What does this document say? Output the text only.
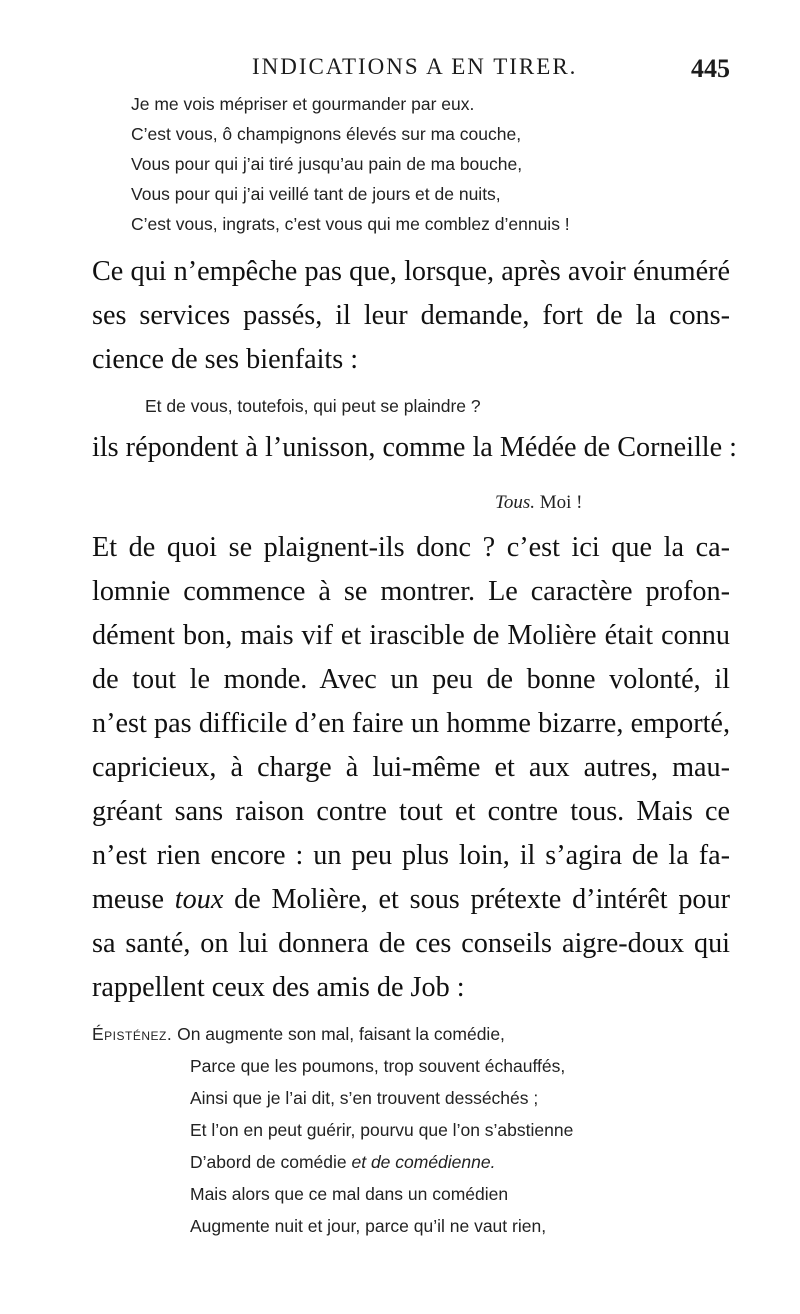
INDICATIONS A EN TIRER.	445
Je me vois mépriser et gourmander par eux.
C’est vous, ô champignons élevés sur ma couche,
Vous pour qui j’ai tiré jusqu’au pain de ma bouche,
Vous pour qui j’ai veillé tant de jours et de nuits,
C’est vous, ingrats, c’est vous qui me comblez d’ennuis !
Ce qui n’empêche pas que, lorsque, après avoir énuméré
ses services passés, il leur demande, fort de la cons-
cience de ses bienfaits :
Et de vous, toutefois, qui peut se plaindre ?
ils répondent à l’unisson, comme la Médée de Corneille :
Tous. Moi !
Et de quoi se plaignent-ils donc ? c’est ici que la ca-
lomnie commence à se montrer. Le caractère profon-
dément bon, mais vif et irascible de Molière était connu
de tout le monde. Avec un peu de bonne volonté, il
n’est pas difficile d’en faire un homme bizarre, emporté,
capricieux, à charge à lui-même et aux autres, mau-
gréant sans raison contre tout et contre tous. Mais ce
n’est rien encore : un peu plus loin, il s’agira de la fa-
meuse toux de Molière, et sous prétexte d’intérêt pour
sa santé, on lui donnera de ces conseils aigre-doux qui
rappellent ceux des amis de Job :
Épisténez. On augmente son mal, faisant la comédie,
Parce que les poumons, trop souvent échauffés,
Ainsi que je l’ai dit, s’en trouvent desséchés ;
Et l’on en peut guérir, pourvu que l’on s’abstienne
D’abord de comédie et de comédienne.
Mais alors que ce mal dans un comédien
Augmente nuit et jour, parce qu’il ne vaut rien,
